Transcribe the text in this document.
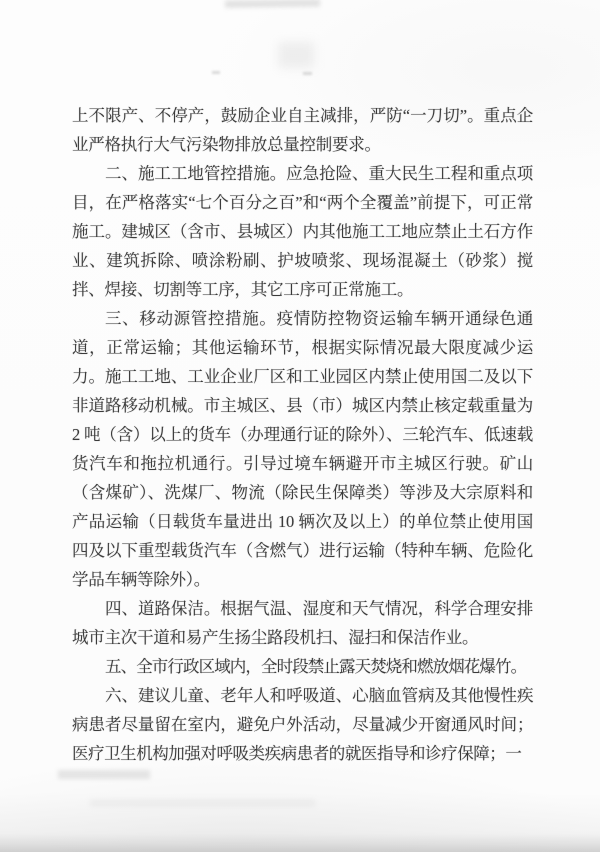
上不限产、不停产，鼓励企业自主减排，严防“一刀切”。重点企业严格执行大气污染物排放总量控制要求。

二、施工工地管控措施。应急抢险、重大民生工程和重点项目，在严格落实“七个百分之百”和“两个全覆盖”前提下，可正常施工。建城区（含市、县城区）内其他施工工地应禁止土石方作业、建筑拆除、喷涂粉刷、护坡喷浆、现场混凝土（砂浆）搅拌、焊接、切割等工序，其它工序可正常施工。

三、移动源管控措施。疫情防控物资运输车辆开通绿色通道，正常运输；其他运输环节，根据实际情况最大限度减少运力。施工工地、工业企业厂区和工业园区内禁止使用国二及以下非道路移动机械。市主城区、县（市）城区内禁止核定载重量为 2 吨（含）以上的货车（办理通行证的除外）、三轮汽车、低速载货汽车和拖拉机通行。引导过境车辆避开市主城区行驶。矿山（含煤矿）、洗煤厂、物流（除民生保障类）等涉及大宗原料和产品运输（日载货车量进出 10 辆次及以上）的单位禁止使用国四及以下重型载货汽车（含燃气）进行运输（特种车辆、危险化学品车辆等除外）。

四、道路保洁。根据气温、湿度和天气情况，科学合理安排城市主次干道和易产生扬尘路段机扫、湿扫和保洁作业。

五、全市行政区域内，全时段禁止露天焚烧和燃放烟花爆竹。

六、建议儿童、老年人和呼吸道、心脑血管病及其他慢性疾病患者尽量留在室内，避免户外活动，尽量减少开窗通风时间；医疗卫生机构加强对呼吸类疾病患者的就医指导和诊疗保障；一
